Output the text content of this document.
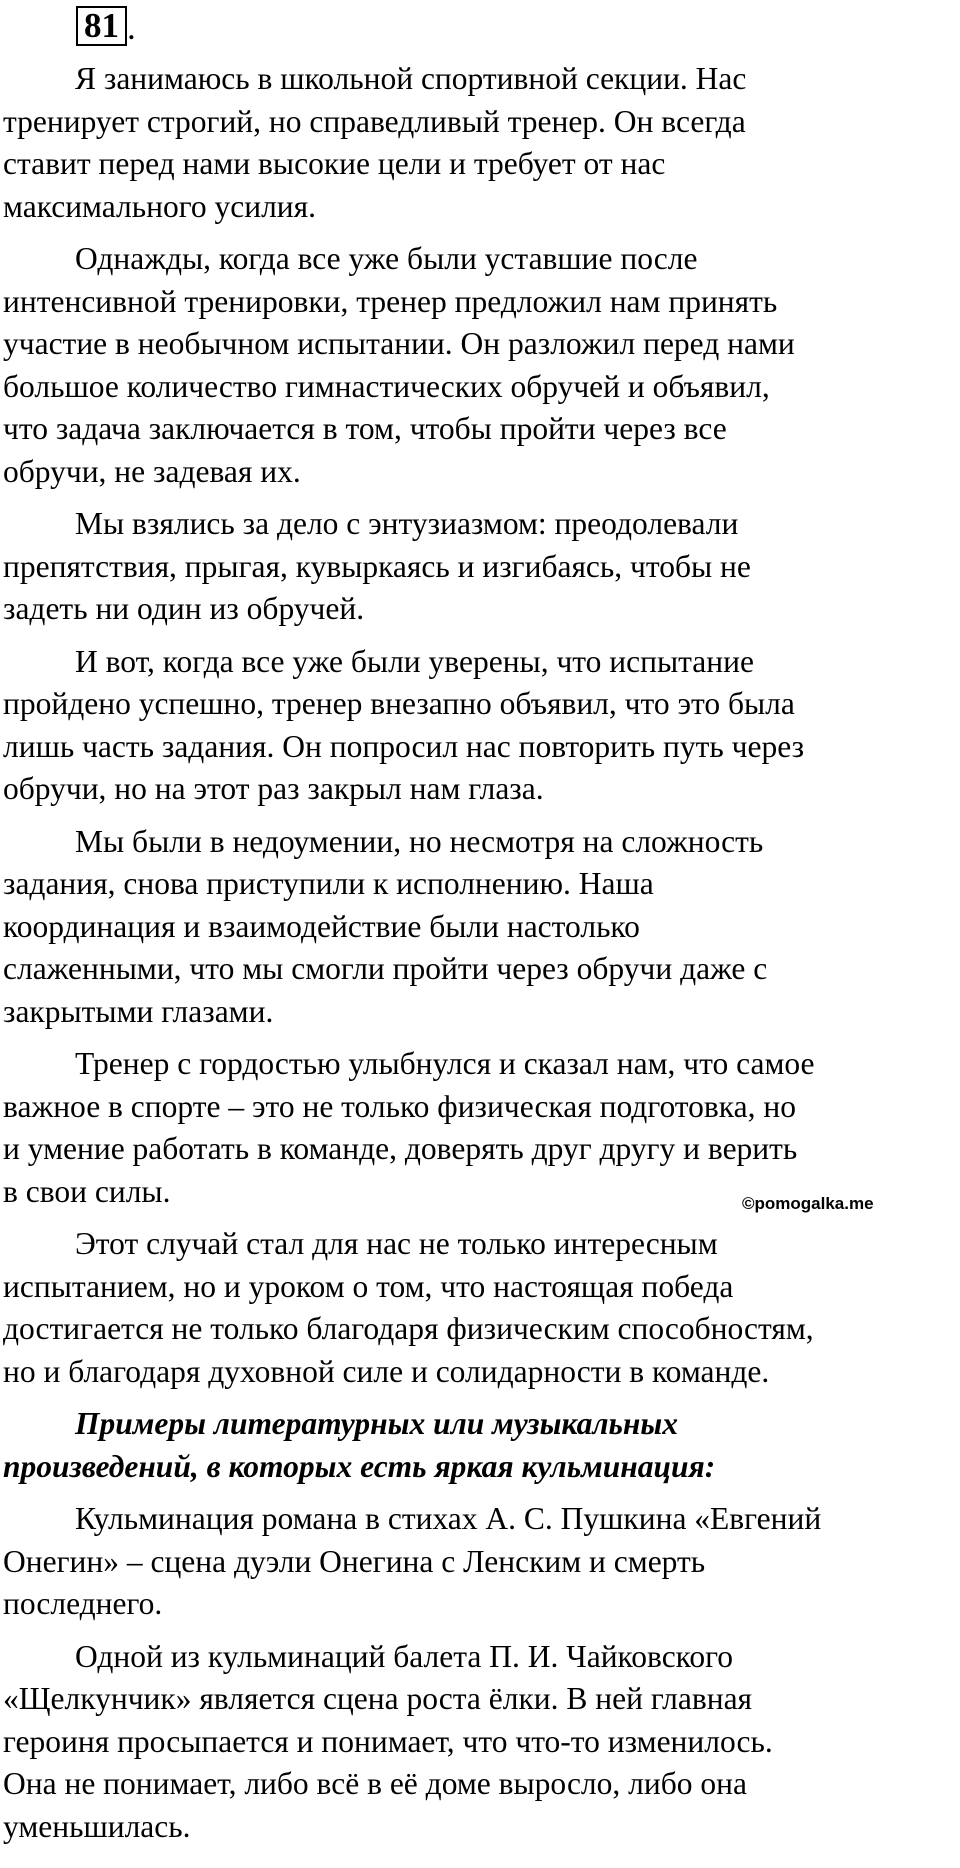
81 .

Я занимаюсь в школьной спортивной секции. Нас
тренирует строгий, но справедливый тренер. Он всегда
ставит перед нами высокие цели и требует от нас
максимального усилия.

Однажды, когда все уже были уставшие после
интенсивной тренировки, тренер предложил нам принять
участие в необычном испытании. Он разложил перед нами
большое количество гимнастических обручей и объявил,
что задача заключается в том, чтобы пройти через все
обручи, не задевая их.

Мы взялись за дело с энтузиазмом: преодолевали
препятствия, прыгая, кувыркаясь и изгибаясь, чтобы не
задеть ни один из обручей.

И вот, когда все уже были уверены, что испытание
пройдено успешно, тренер внезапно объявил, что это была
лишь часть задания. Он попросил нас повторить путь через
обручи, но на этот раз закрыл нам глаза.

Мы были в недоумении, но несмотря на сложность
задания, снова приступили к исполнению. Наша
координация и взаимодействие были настолько
слаженными, что мы смогли пройти через обручи даже с
закрытыми глазами.

Тренер с гордостью улыбнулся и сказал нам, что самое
важное в спорте – это не только физическая подготовка, но
и умение работать в команде, доверять друг другу и верить
в свои силы.

Этот случай стал для нас не только интересным
испытанием, но и уроком о том, что настоящая победа
достигается не только благодаря физическим способностям,
но и благодаря духовной силе и солидарности в команде.

Примеры литературных или музыкальных
произведений, в которых есть яркая кульминация:

Кульминация романа в стихах А. С. Пушкина «Евгений
Онегин» – сцена дуэли Онегина с Ленским и смерть
последнего.

Одной из кульминаций балета П. И. Чайковского
«Щелкунчик» является сцена роста ёлки. В ней главная
героиня просыпается и понимает, что что-то изменилось.
Она не понимает, либо всё в её доме выросло, либо она
уменьшилась.

©pomogalka.me
